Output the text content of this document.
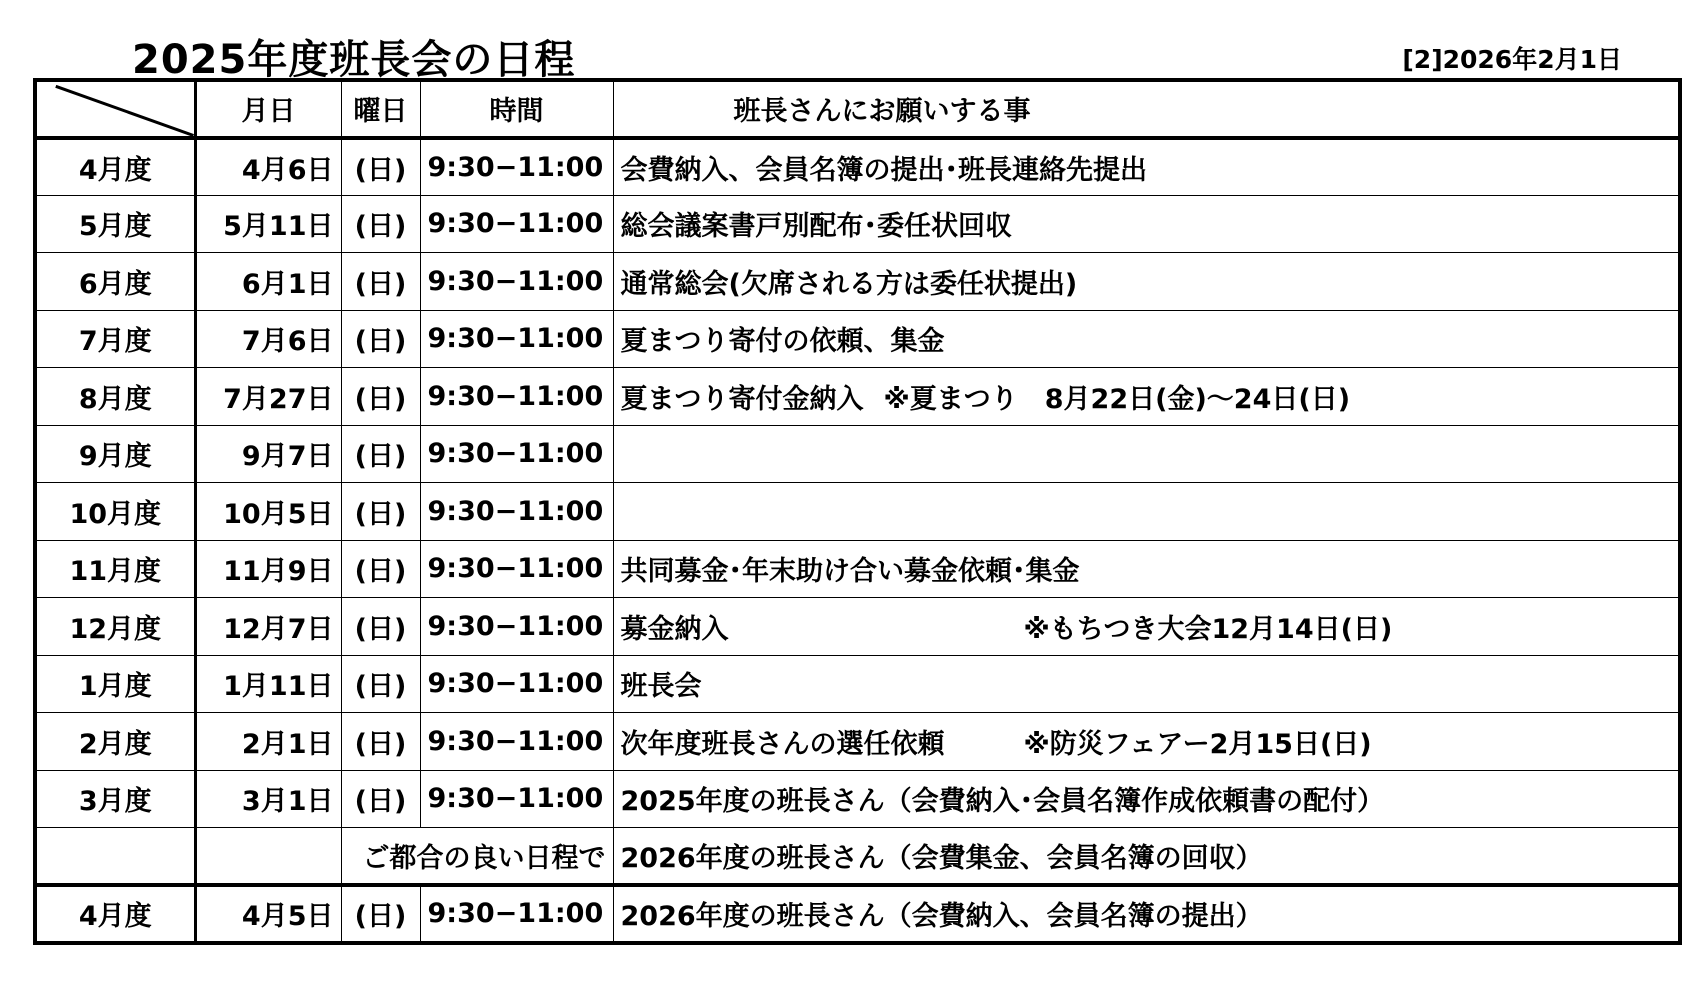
2025年度班長会の日程	[2]2026年2月1日
	月日	曜日	時間	班長さんにお願いする事
4月度	4月6日	(日)	9:30−11:00	会費納入、会員名簿の提出･班長連絡先提出
5月度	5月11日	(日)	9:30−11:00	総会議案書戸別配布･委任状回収
6月度	6月1日	(日)	9:30−11:00	通常総会(欠席される方は委任状提出)
7月度	7月6日	(日)	9:30−11:00	夏まつり寄付の依頼、集金
8月度	7月27日	(日)	9:30−11:00	夏まつり寄付金納入 ※夏まつり　8月22日(金)～24日(日)

9月度	9月7日	(日)	9:30−11:00	
10月度	10月5日	(日)	9:30−11:00	
11月度	11月9日	(日)	9:30−11:00	共同募金･年末助け合い募金依頼･集金
12月度	12月7日	(日)	9:30−11:00	募金納入 ※もちつき大会12月14日(日)

1月度	1月11日	(日)	9:30−11:00	班長会
2月度	2月1日	(日)	9:30−11:00	次年度班長さんの選任依頼 ※防災フェアー2月15日(日)

3月度	3月1日	(日)	9:30−11:00	2025年度の班長さん（会費納入･会員名簿作成依頼書の配付）
		ご都合の良い日程で		2026年度の班長さん（会費集金、会員名簿の回収）
4月度	4月5日	(日)	9:30−11:00	2026年度の班長さん（会費納入、会員名簿の提出）
